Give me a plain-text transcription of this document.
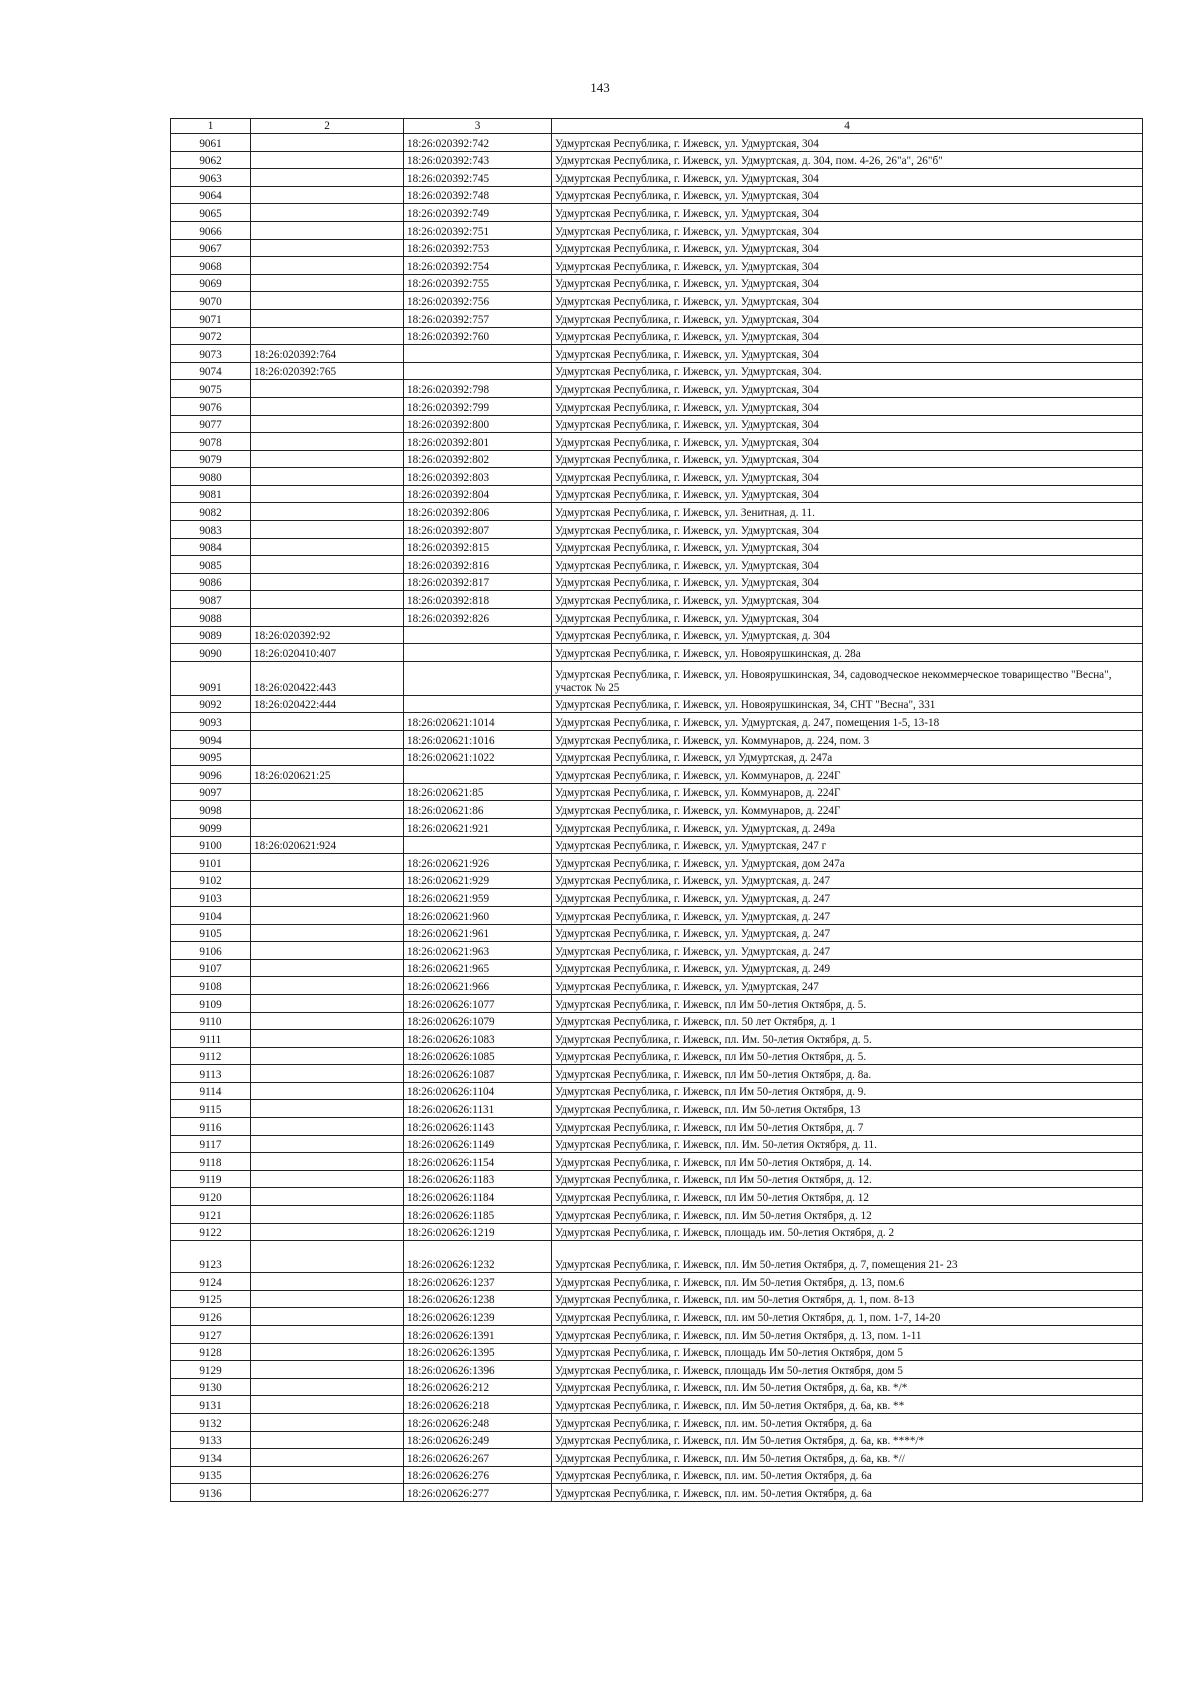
143
1	2	3	4
9061		18:26:020392:742	Удмуртская Республика, г. Ижевск, ул. Удмуртская, 304
9062		18:26:020392:743	Удмуртская Республика, г. Ижевск, ул. Удмуртская, д. 304, пом. 4-26, 26"а", 26"б"
9063		18:26:020392:745	Удмуртская Республика, г. Ижевск, ул. Удмуртская, 304
9064		18:26:020392:748	Удмуртская Республика, г. Ижевск, ул. Удмуртская, 304
9065		18:26:020392:749	Удмуртская Республика, г. Ижевск, ул. Удмуртская, 304
9066		18:26:020392:751	Удмуртская Республика, г. Ижевск, ул. Удмуртская, 304
9067		18:26:020392:753	Удмуртская Республика, г. Ижевск, ул. Удмуртская, 304
9068		18:26:020392:754	Удмуртская Республика, г. Ижевск, ул. Удмуртская, 304
9069		18:26:020392:755	Удмуртская Республика, г. Ижевск, ул. Удмуртская, 304
9070		18:26:020392:756	Удмуртская Республика, г. Ижевск, ул. Удмуртская, 304
9071		18:26:020392:757	Удмуртская Республика, г. Ижевск, ул. Удмуртская, 304
9072		18:26:020392:760	Удмуртская Республика, г. Ижевск, ул. Удмуртская, 304
9073	18:26:020392:764		Удмуртская Республика, г. Ижевск, ул. Удмуртская, 304
9074	18:26:020392:765		Удмуртская Республика, г. Ижевск, ул. Удмуртская, 304.
9075		18:26:020392:798	Удмуртская Республика, г. Ижевск, ул. Удмуртская, 304
9076		18:26:020392:799	Удмуртская Республика, г. Ижевск, ул. Удмуртская, 304
9077		18:26:020392:800	Удмуртская Республика, г. Ижевск, ул. Удмуртская, 304
9078		18:26:020392:801	Удмуртская Республика, г. Ижевск, ул. Удмуртская, 304
9079		18:26:020392:802	Удмуртская Республика, г. Ижевск, ул. Удмуртская, 304
9080		18:26:020392:803	Удмуртская Республика, г. Ижевск, ул. Удмуртская, 304
9081		18:26:020392:804	Удмуртская Республика, г. Ижевск, ул. Удмуртская, 304
9082		18:26:020392:806	Удмуртская Республика, г. Ижевск, ул. Зенитная, д. 11.
9083		18:26:020392:807	Удмуртская Республика, г. Ижевск, ул. Удмуртская, 304
9084		18:26:020392:815	Удмуртская Республика, г. Ижевск, ул. Удмуртская, 304
9085		18:26:020392:816	Удмуртская Республика, г. Ижевск, ул. Удмуртская, 304
9086		18:26:020392:817	Удмуртская Республика, г. Ижевск, ул. Удмуртская, 304
9087		18:26:020392:818	Удмуртская Республика, г. Ижевск, ул. Удмуртская, 304
9088		18:26:020392:826	Удмуртская Республика, г. Ижевск, ул. Удмуртская, 304
9089	18:26:020392:92		Удмуртская Республика, г. Ижевск, ул. Удмуртская, д. 304
9090	18:26:020410:407		Удмуртская Республика, г. Ижевск, ул. Новоярушкинская, д. 28а
9091	18:26:020422:443		Удмуртская Республика, г. Ижевск, ул. Новоярушкинская, 34, садоводческое некоммерческое товарищество "Весна", участок № 25
9092	18:26:020422:444		Удмуртская Республика, г. Ижевск, ул. Новоярушкинская, 34, СНТ "Весна", 331
9093		18:26:020621:1014	Удмуртская Республика, г. Ижевск, ул. Удмуртская, д. 247, помещения 1-5, 13-18
9094		18:26:020621:1016	Удмуртская Республика, г. Ижевск, ул. Коммунаров, д. 224, пом. 3
9095		18:26:020621:1022	Удмуртская Республика, г. Ижевск, ул Удмуртская, д. 247а
9096	18:26:020621:25		Удмуртская Республика, г. Ижевск, ул. Коммунаров, д. 224Г
9097		18:26:020621:85	Удмуртская Республика, г. Ижевск, ул. Коммунаров, д. 224Г
9098		18:26:020621:86	Удмуртская Республика, г. Ижевск, ул. Коммунаров, д. 224Г
9099		18:26:020621:921	Удмуртская Республика, г. Ижевск, ул. Удмуртская, д. 249а
9100	18:26:020621:924		Удмуртская Республика, г. Ижевск, ул. Удмуртская, 247 г
9101		18:26:020621:926	Удмуртская Республика, г. Ижевск, ул. Удмуртская, дом 247а
9102		18:26:020621:929	Удмуртская Республика, г. Ижевск, ул. Удмуртская, д. 247
9103		18:26:020621:959	Удмуртская Республика, г. Ижевск, ул. Удмуртская, д. 247
9104		18:26:020621:960	Удмуртская Республика, г. Ижевск, ул. Удмуртская, д. 247
9105		18:26:020621:961	Удмуртская Республика, г. Ижевск, ул. Удмуртская, д. 247
9106		18:26:020621:963	Удмуртская Республика, г. Ижевск, ул. Удмуртская, д. 247
9107		18:26:020621:965	Удмуртская Республика, г. Ижевск, ул. Удмуртская, д. 249
9108		18:26:020621:966	Удмуртская Республика, г. Ижевск, ул. Удмуртская, 247
9109		18:26:020626:1077	Удмуртская Республика, г. Ижевск, пл Им 50-летия Октября, д. 5.
9110		18:26:020626:1079	Удмуртская Республика, г. Ижевск, пл. 50 лет Октября, д. 1
9111		18:26:020626:1083	Удмуртская Республика, г. Ижевск, пл. Им. 50-летия Октября, д. 5.
9112		18:26:020626:1085	Удмуртская Республика, г. Ижевск, пл Им 50-летия Октября, д. 5.
9113		18:26:020626:1087	Удмуртская Республика, г. Ижевск, пл Им 50-летия Октября, д. 8а.
9114		18:26:020626:1104	Удмуртская Республика, г. Ижевск, пл Им 50-летия Октября, д. 9.
9115		18:26:020626:1131	Удмуртская Республика, г. Ижевск, пл. Им 50-летия Октября, 13
9116		18:26:020626:1143	Удмуртская Республика, г. Ижевск, пл Им 50-летия Октября, д. 7
9117		18:26:020626:1149	Удмуртская Республика, г. Ижевск, пл. Им. 50-летия Октября, д. 11.
9118		18:26:020626:1154	Удмуртская Республика, г. Ижевск, пл Им 50-летия Октября, д. 14.
9119		18:26:020626:1183	Удмуртская Республика, г. Ижевск, пл Им 50-летия Октября, д. 12.
9120		18:26:020626:1184	Удмуртская Республика, г. Ижевск, пл Им 50-летия Октября, д. 12
9121		18:26:020626:1185	Удмуртская Республика, г. Ижевск, пл. Им 50-летия Октября, д. 12
9122		18:26:020626:1219	Удмуртская Республика, г. Ижевск, площадь им. 50-летия Октября, д. 2
9123		18:26:020626:1232	Удмуртская Республика, г. Ижевск, пл. Им 50-летия Октября, д. 7, помещения 21- 23
9124		18:26:020626:1237	Удмуртская Республика, г. Ижевск, пл. Им 50-летия Октября, д. 13, пом.6
9125		18:26:020626:1238	Удмуртская Республика, г. Ижевск, пл. им 50-летия Октября, д. 1, пом. 8-13
9126		18:26:020626:1239	Удмуртская Республика, г. Ижевск, пл. им 50-летия Октября, д. 1, пом. 1-7, 14-20
9127		18:26:020626:1391	Удмуртская Республика, г. Ижевск, пл. Им 50-летия Октября, д. 13, пом. 1-11
9128		18:26:020626:1395	Удмуртская Республика, г. Ижевск, площадь Им 50-летия Октября, дом 5
9129		18:26:020626:1396	Удмуртская Республика, г. Ижевск, площадь Им 50-летия Октября, дом 5
9130		18:26:020626:212	Удмуртская Республика, г. Ижевск, пл. Им 50-летия Октября, д. 6а, кв. */*
9131		18:26:020626:218	Удмуртская Республика, г. Ижевск, пл. Им 50-летия Октября, д. 6а, кв. **
9132		18:26:020626:248	Удмуртская Республика, г. Ижевск, пл. им. 50-летия Октября, д. 6а
9133		18:26:020626:249	Удмуртская Республика, г. Ижевск, пл. Им 50-летия Октября, д. 6а, кв. ****/*
9134		18:26:020626:267	Удмуртская Республика, г. Ижевск, пл. Им 50-летия Октября, д. 6а, кв. *//
9135		18:26:020626:276	Удмуртская Республика, г. Ижевск, пл. им. 50-летия Октября, д. 6а
9136		18:26:020626:277	Удмуртская Республика, г. Ижевск, пл. им. 50-летия Октября, д. 6а
